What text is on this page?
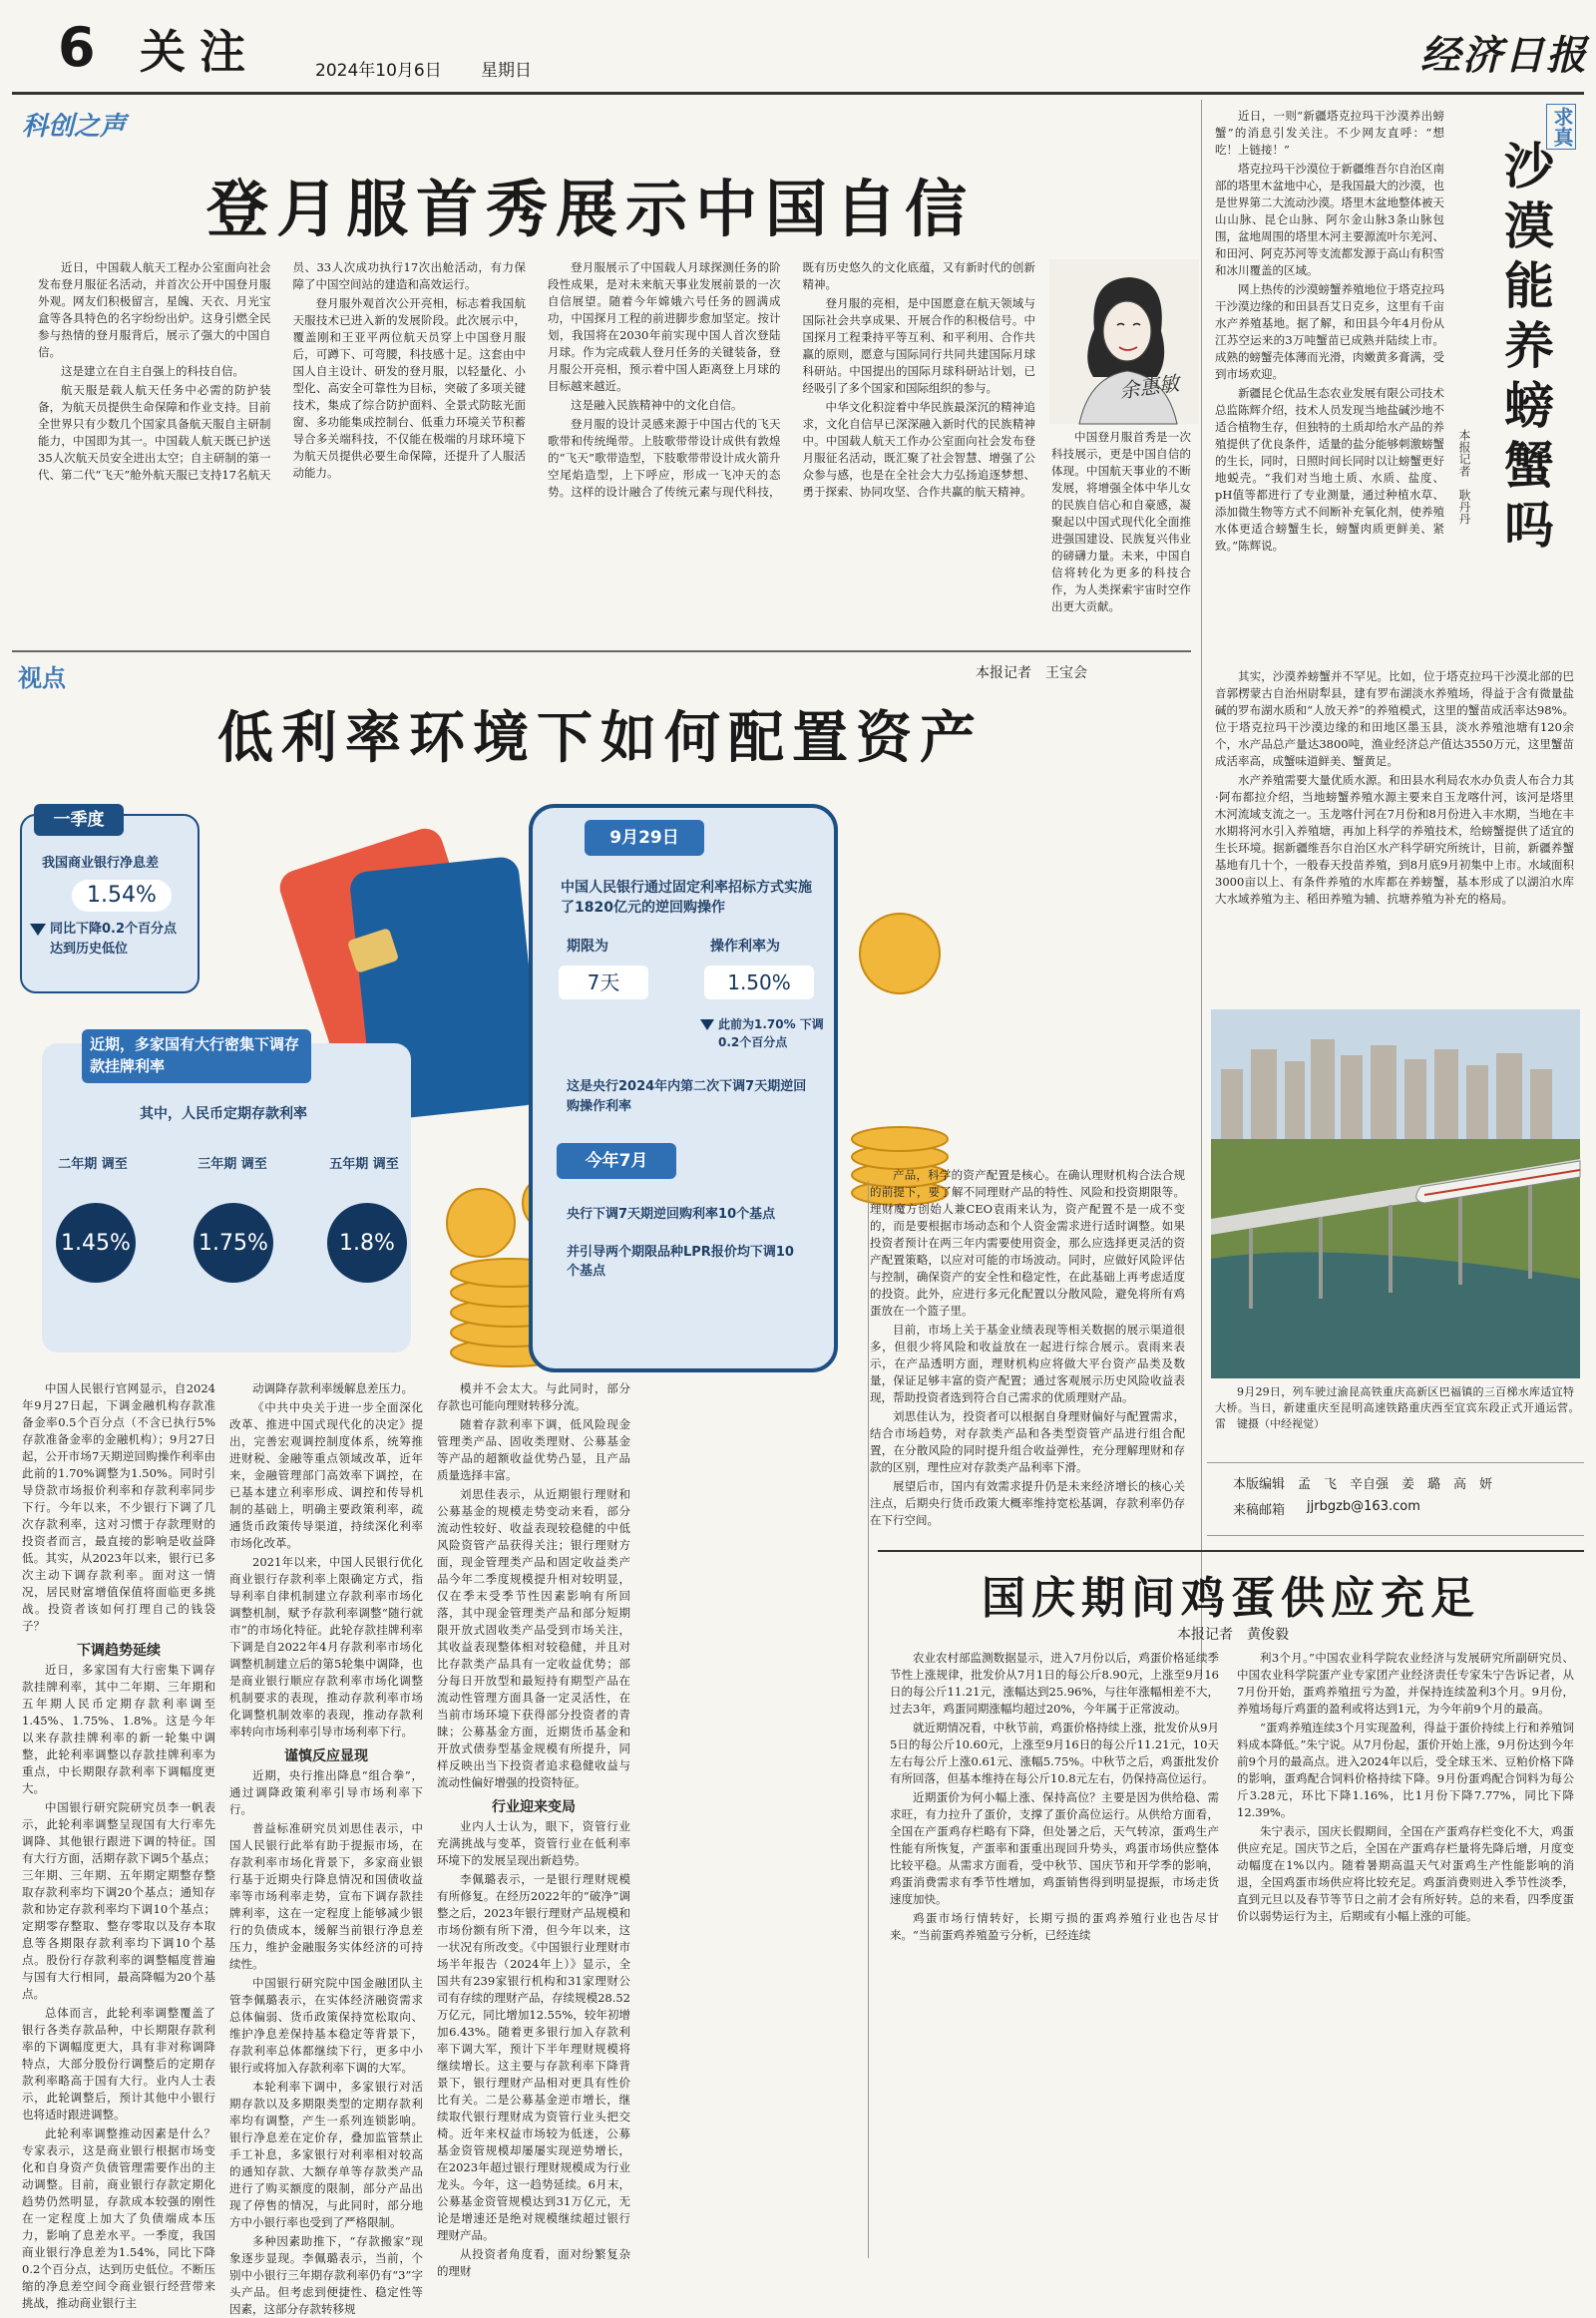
6 关注	2024年10月6日 星期日	经济日报
科创之声
登月服首秀展示中国自信

近日，中国载人航天工程办公室面向社会发布登月服征名活动，并首次公开中国登月服外观。网友们积极留言，星魄、天衣、月光宝盒等各具特色的名字纷纷出炉。这身引燃全民参与热情的登月服背后，展示了强大的中国自信。

这是建立在自主自强上的科技自信。

航天服是载人航天任务中必需的防护装备，为航天员提供生命保障和作业支持。目前全世界只有少数几个国家具备航天服自主研制能力，中国即为其一。中国载人航天既已护送35人次航天员安全进出太空；自主研制的第一代、第二代“飞天”舱外航天服已支持17名航天员、33人次成功执行17次出舱活动，有力保障了中国空间站的建造和高效运行。

登月服外观首次公开亮相，标志着我国航天服技术已进入新的发展阶段。此次展示中，覆盖刚和王亚平两位航天员穿上中国登月服后，可蹲下、可弯腰，科技感十足。这套由中国人自主设计、研发的登月服，以轻量化、小型化、高安全可靠性为目标，突破了多项关键技术，集成了综合防护面料、全景式防眩光面窗、多功能集成控制台、低重力环境关节积蓄导合多关端科技，不仅能在极端的月球环境下为航天员提供必要生命保障，还提升了人服活动能力。

登月服展示了中国载人月球探测任务的阶段性成果，是对未来航天事业发展前景的一次自信展望。随着今年嫦娥六号任务的圆满成功，中国探月工程的前进脚步愈加坚定。按计划，我国将在2030年前实现中国人首次登陆月球。作为完成载人登月任务的关键装备，登月服公开亮相，预示着中国人距离登上月球的目标越来越近。

这是融入民族精神中的文化自信。

登月服的设计灵感来源于中国古代的飞天歌带和传统绳带。上肢歌带带设计成供有敦煌的“飞天”歌带造型，下肢歌带带设计成火箭升空尾焰造型，上下呼应，形成一飞冲天的态势。这样的设计融合了传统元素与现代科技，既有历史悠久的文化底蕴，又有新时代的创新精神。

登月服的亮相，是中国愿意在航天领域与国际社会共享成果、开展合作的积极信号。中国探月工程秉持平等互利、和平利用、合作共赢的原则，愿意与国际同行共同共建国际月球科研站。中国提出的国际月球科研站计划，已经吸引了多个国家和国际组织的参与。

中华文化积淀着中华民族最深沉的精神追求，文化自信早已深深融入新时代的民族精神中。中国载人航天工作办公室面向社会发布登月服征名活动，既汇聚了社会智慧、增强了公众参与感，也是在全社会大力弘扬追逐梦想、勇于探索、协同攻坚、合作共赢的航天精神。

中国登月服首秀是一次科技展示，更是中国自信的体现。中国航天事业的不断发展，将增强全体中华儿女的民族自信心和自豪感，凝聚起以中国式现代化全面推进强国建设、民族复兴伟业的磅礴力量。未来，中国自信将转化为更多的科技合作，为人类探索宇宙时空作出更大贡献。

余惠敏
视点	本报记者　王宝会
低利率环境下如何配置资产
一季度
我国商业银行净息差
1.54%
同比下降0.2个百分点 达到历史低位
近期，多家国有大行密集下调存款挂牌利率
其中，人民币定期存款利率
二年期 调至	三年期 调至	五年期 调至
1.45%	1.75%	1.8%
9月29日
中国人民银行通过固定利率招标方式实施了1820亿元的逆回购操作
期限为
7天
操作利率为
1.50%
此前为1.70% 下调0.2个百分点
这是央行2024年内第二次下调7天期逆回购操作利率
今年7月
央行下调7天期逆回购利率10个基点
并引导两个期限品种LPR报价均下调10个基点

中国人民银行官网显示，自2024年9月27日起，下调金融机构存款准备金率0.5个百分点（不含已执行5%存款准备金率的金融机构）；9月27日起，公开市场7天期逆回购操作利率由此前的1.70%调整为1.50%。同时引导贷款市场报价利率和存款利率同步下行。今年以来，不少银行下调了几次存款利率，这对习惯于存款理财的投资者而言，最直接的影响是收益降低。其实，从2023年以来，银行已多次主动下调存款利率。面对这一情况，居民财富增值保值将面临更多挑战。投资者该如何打理自己的钱袋子？

下调趋势延续

近日，多家国有大行密集下调存款挂牌利率，其中二年期、三年期和五年期人民币定期存款利率调至1.45%、1.75%、1.8%。这是今年以来存款挂牌利率的新一轮集中调整，此轮利率调整以存款挂牌利率为重点，中长期限存款利率下调幅度更大。

中国银行研究院研究员李一帆表示，此轮利率调整呈现国有大行率先调降、其他银行跟进下调的特征。国有大行方面，活期存款下调5个基点；三年期、三年期、五年期定期整存整取存款利率均下调20个基点；通知存款和协定存款利率均下调10个基点；定期零存整取、整存零取以及存本取息等各期限存款利率均下调10个基点。股份行存款利率的调整幅度普遍与国有大行相同，最高降幅为20个基点。

总体而言，此轮利率调整覆盖了银行各类存款品种，中长期限存款利率的下调幅度更大，具有非对称调降特点，大部分股份行调整后的定期存款利率略高于国有大行。业内人士表示，此轮调整后，预计其他中小银行也将适时跟进调整。

此轮利率调整推动因素是什么？专家表示，这是商业银行根据市场变化和自身资产负债管理需要作出的主动调整。目前，商业银行存款定期化趋势仍然明显，存款成本较强的刚性在一定程度上加大了负债端成本压力，影响了息差水平。一季度，我国商业银行净息差为1.54%，同比下降0.2个百分点，达到历史低位。不断压缩的净息差空间令商业银行经营带来挑战，推动商业银行主

动调降存款利率缓解息差压力。

《中共中央关于进一步全面深化改革、推进中国式现代化的决定》提出，完善宏观调控制度体系，统筹推进财税、金融等重点领域改革，近年来，金融管理部门高效率下调控，在已基本建立利率形成、调控和传导机制的基础上，明确主要政策利率，疏通货币政策传导渠道，持续深化利率市场化改革。

2021年以来，中国人民银行优化商业银行存款利率上限确定方式，指导利率自律机制建立存款利率市场化调整机制，赋予存款利率调整“随行就市”的市场化特征。此轮存款挂牌利率下调是自2022年4月存款利率市场化调整机制建立后的第5轮集中调降，也是商业银行顺应存款利率市场化调整机制要求的表现，推动存款利率市场化调整机制效率的表现，推动存款利率转向市场利率引导市场利率下行。

谨慎反应显现

近期，央行推出降息“组合拳”，通过调降政策利率引导市场利率下行。

普益标准研究员刘思佳表示，中国人民银行此举有助于提振市场，在存款利率市场化背景下，多家商业银行基于近期央行降息情况和国债收益率等市场利率走势，宣布下调存款挂牌利率，这在一定程度上能够减少银行的负债成本，缓解当前银行净息差压力，维护金融服务实体经济的可持续性。

中国银行研究院中国金融团队主管李佩璐表示，在实体经济融资需求总体偏弱、货币政策保持宽松取向、维护净息差保持基本稳定等背景下，存款利率总体都继续下行，更多中小银行或将加入存款利率下调的大军。

本轮利率下调中，多家银行对活期存款以及多期限类型的定期存款利率均有调整，产生一系列连锁影响。银行净息差在定价存，叠加监管禁止手工补息，多家银行对利率相对较高的通知存款、大额存单等存款类产品进行了购买额度的限制，部分产品出现了停售的情况，与此同时，部分地方中小银行率也受到了严格限制。

多种因素助推下，“存款搬家”现象逐步显现。李佩璐表示，当前，个别中小银行三年期存款利率仍有“3”字头产品。但考虑到便捷性、稳定性等因素，这部分存款转移规

模并不会太大。与此同时，部分存款也可能向理财转移分流。

随着存款利率下调，低风险现金管理类产品、固收类理财、公募基金等产品的超额收益优势凸显，且产品质量选择丰富。

刘思佳表示，从近期银行理财和公募基金的规模走势变动来看，部分流动性较好、收益表现较稳健的中低风险资管产品获得关注；银行理财方面，现金管理类产品和固定收益类产品今年二季度规模提升相对较明显，仅在季末受季节性因素影响有所回落，其中现金管理类产品和部分短期限开放式固收类产品受到市场关注，其收益表现整体相对较稳健，并且对比存款类产品具有一定收益优势；部分每日开放型和最短持有期型产品在流动性管理方面具备一定灵活性，在当前市场环境下获得部分投资者的青睐；公募基金方面，近期货币基金和开放式债券型基金规模有所提升，同样反映出当下投资者追求稳健收益与流动性偏好增强的投资特征。

行业迎来变局

业内人士认为，眼下，资管行业充满挑战与变革，资管行业在低利率环境下的发展呈现出新趋势。

李佩璐表示，一是银行理财规模有所修复。在经历2022年的“破净”调整之后，2023年银行理财产品规模和市场份额有所下滑，但今年以来，这一状况有所改变。《中国银行业理财市场半年报告（2024年上）》显示，全国共有239家银行机构和31家理财公司有存续的理财产品，存续规模28.52万亿元，同比增加12.55%，较年初增加6.43%。随着更多银行加入存款利率下调大军，预计下半年理财规模将继续增长。这主要与存款利率下降背景下，银行理财产品相对更具有性价比有关。二是公募基金逆市增长，继续取代银行理财成为资管行业头把交椅。近年来权益市场较为低迷，公募基金资管规模却屡屡实现逆势增长，在2023年超过银行理财规模成为行业龙头。今年，这一趋势延续。6月末，公募基金资管规模达到31万亿元，无论是增速还是绝对规模继续超过银行理财产品。

从投资者角度看，面对纷繁复杂的理财

产品，科学的资产配置是核心。在确认理财机构合法合规的前提下，要了解不同理财产品的特性、风险和投资期限等。理财魔方创始人兼CEO袁雨来认为，资产配置不是一成不变的，而是要根据市场动态和个人资金需求进行适时调整。如果投资者预计在两三年内需要使用资金，那么应选择更灵活的资产配置策略，以应对可能的市场波动。同时，应做好风险评估与控制，确保资产的安全性和稳定性，在此基础上再考虑适度的投资。此外，应进行多元化配置以分散风险，避免将所有鸡蛋放在一个篮子里。

目前，市场上关于基金业绩表现等相关数据的展示渠道很多，但很少将风险和收益放在一起进行综合展示。袁雨来表示，在产品透明方面，理财机构应将做大平台资产品类及数量，保证足够丰富的资产配置；通过客观展示历史风险收益表现，帮助投资者选到符合自己需求的优质理财产品。

刘思佳认为，投资者可以根据自身理财偏好与配置需求，结合市场趋势，对存款类产品和各类型资管产品进行组合配置，在分散风险的同时提升组合收益弹性，充分理解理财和存款的区别，理性应对存款类产品利率下滑。

展望后市，国内有效需求提升仍是未来经济增长的核心关注点，后期央行货币政策大概率维持宽松基调，存款利率仍存在下行空间。

求真
沙漠能养螃蟹吗
本报记者　耿丹丹

近日，一则“新疆塔克拉玛干沙漠养出螃蟹”的消息引发关注。不少网友直呼：“想吃！上链接！”

塔克拉玛干沙漠位于新疆维吾尔自治区南部的塔里木盆地中心，是我国最大的沙漠，也是世界第二大流动沙漠。塔里木盆地整体被天山山脉、昆仑山脉、阿尔金山脉3条山脉包围，盆地周围的塔里木河主要源流叶尔羌河、和田河、阿克苏河等支流都发源于高山有积雪和冰川覆盖的区域。

网上热传的沙漠螃蟹养殖地位于塔克拉玛干沙漠边缘的和田县吾艾日克乡，这里有千亩水产养殖基地。据了解，和田县今年4月份从江苏空运来的3万吨蟹苗已成熟并陆续上市。成熟的螃蟹壳体薄而光滑，肉嫩黄多膏满，受到市场欢迎。

新疆昆仑优品生态农业发展有限公司技术总监陈辉介绍，技术人员发现当地盐碱沙地不适合植物生存，但独特的土质却给水产品的养殖提供了优良条件，适量的盐分能够刺激螃蟹的生长，同时，日照时间长同时以让螃蟹更好地蜕壳。“我们对当地土质、水质、盐度、pH值等都进行了专业测量，通过种植水草、添加微生物等方式不间断补充氧化剂，使养殖水体更适合螃蟹生长，螃蟹肉质更鲜美、紧致。”陈辉说。

其实，沙漠养螃蟹并不罕见。比如，位于塔克拉玛干沙漠北部的巴音郭楞蒙古自治州尉犁县，建有罗布湖淡水养殖场，得益于含有微量盐碱的罗布湖水质和“人放天养”的养殖模式，这里的蟹苗成活率达98%。位于塔克拉玛干沙漠边缘的和田地区墨玉县，淡水养殖池塘有120余个，水产品总产量达3800吨，渔业经济总产值达3550万元，这里蟹苗成活率高，成蟹味道鲜美、蟹黄足。

水产养殖需要大量优质水源。和田县水利局农水办负责人布合力其·阿布都拉介绍，当地螃蟹养殖水源主要来自玉龙喀什河，该河是塔里木河流域支流之一。玉龙喀什河在7月份和8月份进入丰水期，当地在丰水期将河水引入养殖塘，再加上科学的养殖技术，给螃蟹提供了适宜的生长环境。据新疆维吾尔自治区水产科学研究所统计，目前，新疆养蟹基地有几十个，一般春天投苗养殖，到8月底9月初集中上市。水域面积3000亩以上、有条件养殖的水库都在养螃蟹，基本形成了以湖泊水库大水域养殖为主、稻田养殖为辅、抗塘养殖为补充的格局。

9月29日，列车驶过渝昆高铁重庆高新区巴福镇的三百梯水库适宜特大桥。当日，新建重庆至昆明高速铁路重庆西至宜宾东段正式开通运营。　雷　键摄（中经视觉）

本版编辑　孟　飞　辛自强　姜　璐　高　妍
来稿邮箱 jjrbgzb@163.com
国庆期间鸡蛋供应充足
本报记者　黄俊毅

农业农村部监测数据显示，进入7月份以后，鸡蛋价格延续季节性上涨规律，批发价从7月1日的每公斤8.90元，上涨至9月16日的每公斤11.21元，涨幅达到25.96%，与往年涨幅相差不大，过去3年，鸡蛋同期涨幅均超过20%，今年属于正常波动。

就近期情况看，中秋节前，鸡蛋价格持续上涨，批发价从9月5日的每公斤10.60元，上涨至9月16日的每公斤11.21元，10天左右每公斤上涨0.61元、涨幅5.75%。中秋节之后，鸡蛋批发价有所回落，但基本维持在每公斤10.8元左右，仍保持高位运行。

近期蛋价为何小幅上涨、保持高位？主要是因为供给稳、需求旺，有力拉升了蛋价，支撑了蛋价高位运行。从供给方面看，全国在产蛋鸡存栏略有下降，但处暑之后，天气转凉，蛋鸡生产性能有所恢复，产蛋率和蛋重出现回升势头，鸡蛋市场供应整体比较平稳。从需求方面看，受中秋节、国庆节和开学季的影响，鸡蛋消费需求有季节性增加，鸡蛋销售得到明显提振，市场走货速度加快。

鸡蛋市场行情转好，长期亏损的蛋鸡养殖行业也告尽甘来。“当前蛋鸡养殖盈亏分析，已经连续

利3个月。”中国农业科学院农业经济与发展研究所副研究员、中国农业科学院蛋产业专家团产业经济责任专家朱宁告诉记者，从7月份开始，蛋鸡养殖扭亏为盈，并保持连续盈利3个月。9月份，养殖场每斤鸡蛋的盈利或将达到1元，为今年前9个月的最高。

“蛋鸡养殖连续3个月实现盈利，得益于蛋价持续上行和养殖饲料成本降低。”朱宁说。从7月份起，蛋价开始上涨，9月份达到今年前9个月的最高点。进入2024年以后，受全球玉米、豆粕价格下降的影响，蛋鸡配合饲料价格持续下降。9月份蛋鸡配合饲料为每公斤3.28元，环比下降1.16%，比1月份下降7.77%，同比下降12.39%。

朱宁表示，国庆长假期间，全国在产蛋鸡存栏变化不大，鸡蛋供应充足。国庆节之后，全国在产蛋鸡存栏量将先降后增，月度变动幅度在1%以内。随着暑期高温天气对蛋鸡生产性能影响的消退，全国鸡蛋市场供应将比较充足。鸡蛋消费则进入季节性淡季，直到元旦以及春节等节日之前才会有所好转。总的来看，四季度蛋价以弱势运行为主，后期或有小幅上涨的可能。
